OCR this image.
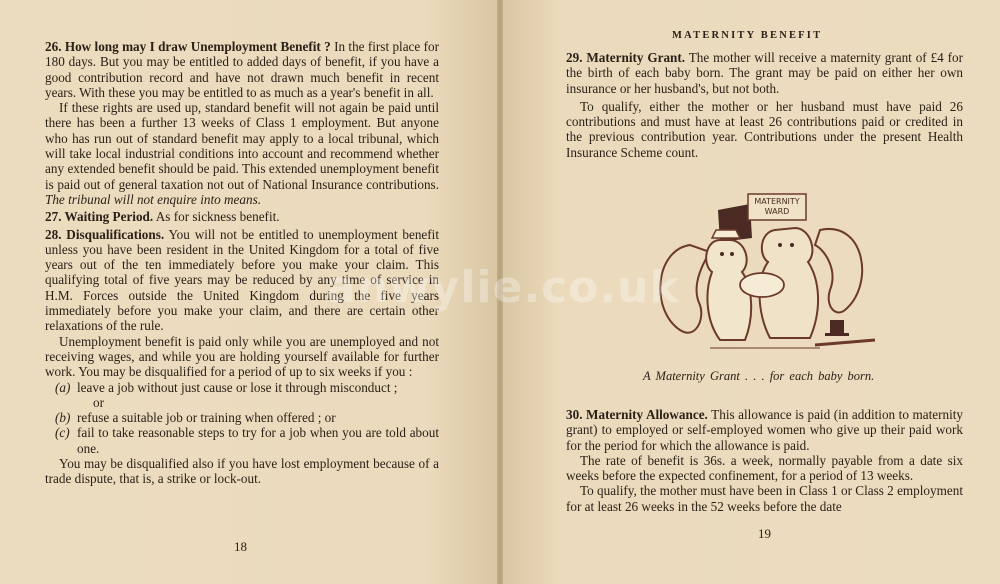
26. How long may I draw Unemployment Benefit ? In the first place for 180 days. But you may be entitled to added days of benefit, if you have a good contribution record and have not drawn much benefit in recent years. With these you may be entitled to as much as a year's benefit in all.

If these rights are used up, standard benefit will not again be paid until there has been a further 13 weeks of Class 1 employment. But anyone who has run out of standard benefit may apply to a local tribunal, which will take local industrial conditions into account and recommend whether any extended benefit should be paid. This extended unemployment benefit is paid out of general taxation not out of National Insurance contributions. The tribunal will not enquire into means.

27. Waiting Period. As for sickness benefit.

28. Disqualifications. You will not be entitled to unemployment benefit unless you have been resident in the United Kingdom for a total of five years out of the ten immediately before you make your claim. This qualifying total of five years may be reduced by any time of service in H.M. Forces outside the United Kingdom during the five years immediately before you make your claim, and there are certain other relaxations of the rule.

Unemployment benefit is paid only while you are unemployed and not receiving wages, and while you are holding yourself available for further work. You may be disqualified for a period of up to six weeks if you :

(a) leave a job without just cause or lose it through misconduct ;
or
(b) refuse a suitable job or training when offered ; or
(c) fail to take reasonable steps to try for a job when you are told about one.

You may be disqualified also if you have lost employment because of a trade dispute, that is, a strike or lock-out.

18
MATERNITY BENEFIT

29. Maternity Grant. The mother will receive a maternity grant of £4 for the birth of each baby born. The grant may be paid on either her own insurance or her husband's, but not both.

To qualify, either the mother or her husband must have paid 26 contributions and must have at least 26 contributions paid or credited in the previous contribution year. Contributions under the present Health Insurance Scheme count.

MATERNITY
WARD
A Maternity Grant . . . for each baby born.

30. Maternity Allowance. This allowance is paid (in addition to maternity grant) to employed or self-employed women who give up their paid work for the period for which the allowance is paid.

The rate of benefit is 36s. a week, normally payable from a date six weeks before the expected confinement, for a period of 13 weeks.

To qualify, the mother must have been in Class 1 or Class 2 employment for at least 26 weeks in the 52 weeks before the date

19
anwylie.co.uk
